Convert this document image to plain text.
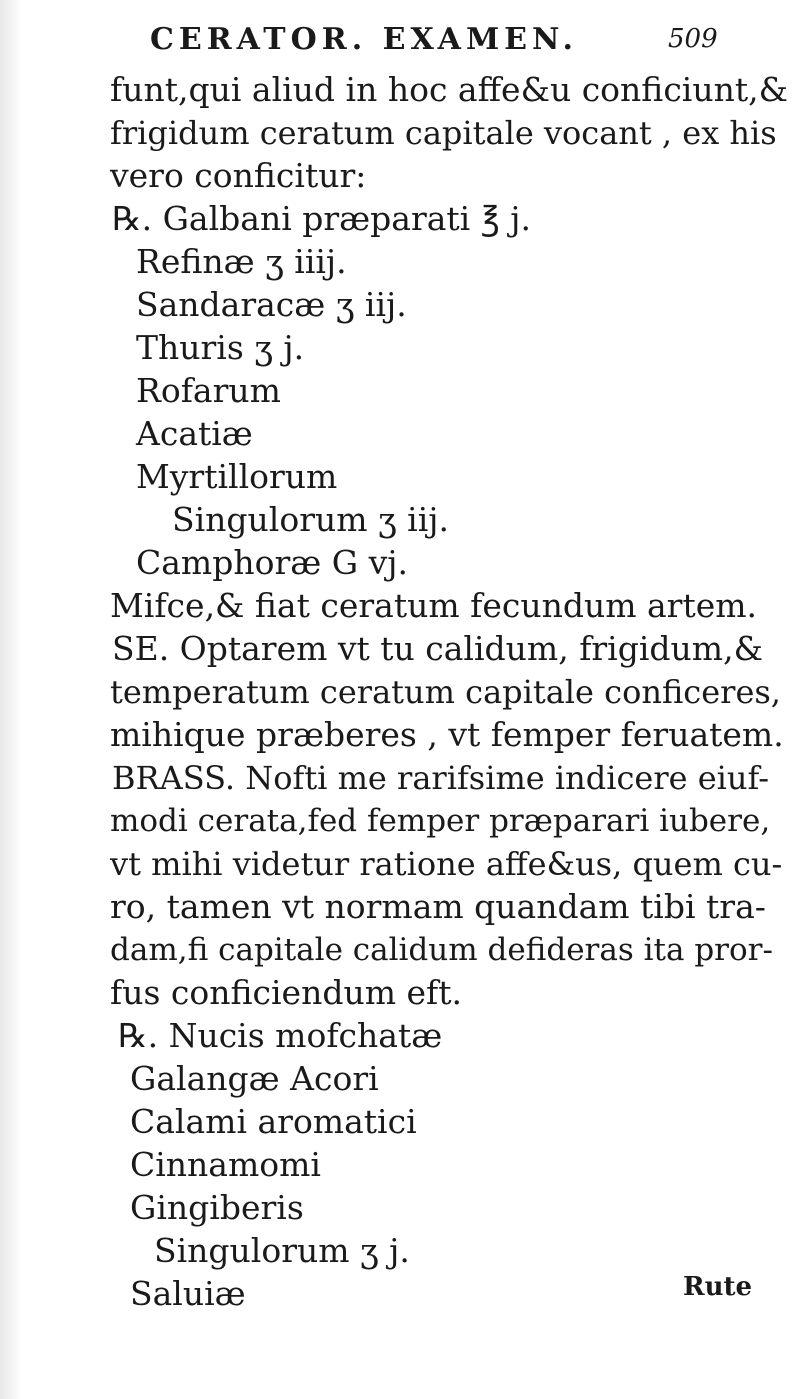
CERATOR. EXAMEN.	509
funt,qui aliud in hoc affe&u conficiunt,&
frigidum ceratum capitale vocant , ex his
vero conficitur:
℞. Galbani præparati ℥ j.
Refinæ ʒ iiij.
Sandaracæ ʒ iij.
Thuris ʒ j.
Rofarum
Acatiæ
Myrtillorum
Singulorum ʒ iij.
Camphoræ G vj.
Mifce,& fiat ceratum fecundum artem.
SE. Optarem vt tu calidum, frigidum,&
temperatum ceratum capitale conficeres,
mihique præberes , vt femper feruatem.
BRASS. Nofti me rarifsime indicere eiuf-
modi cerata,fed femper præparari iubere,
vt mihi videtur ratione affe&us, quem cu-
ro, tamen vt normam quandam tibi tra-
dam,fi capitale calidum defideras ita pror-
fus conficiendum eft.
℞. Nucis mofchatæ
Galangæ Acori
Calami aromatici
Cinnamomi
Gingiberis
Singulorum ʒ j.
Saluiæ	Rute
